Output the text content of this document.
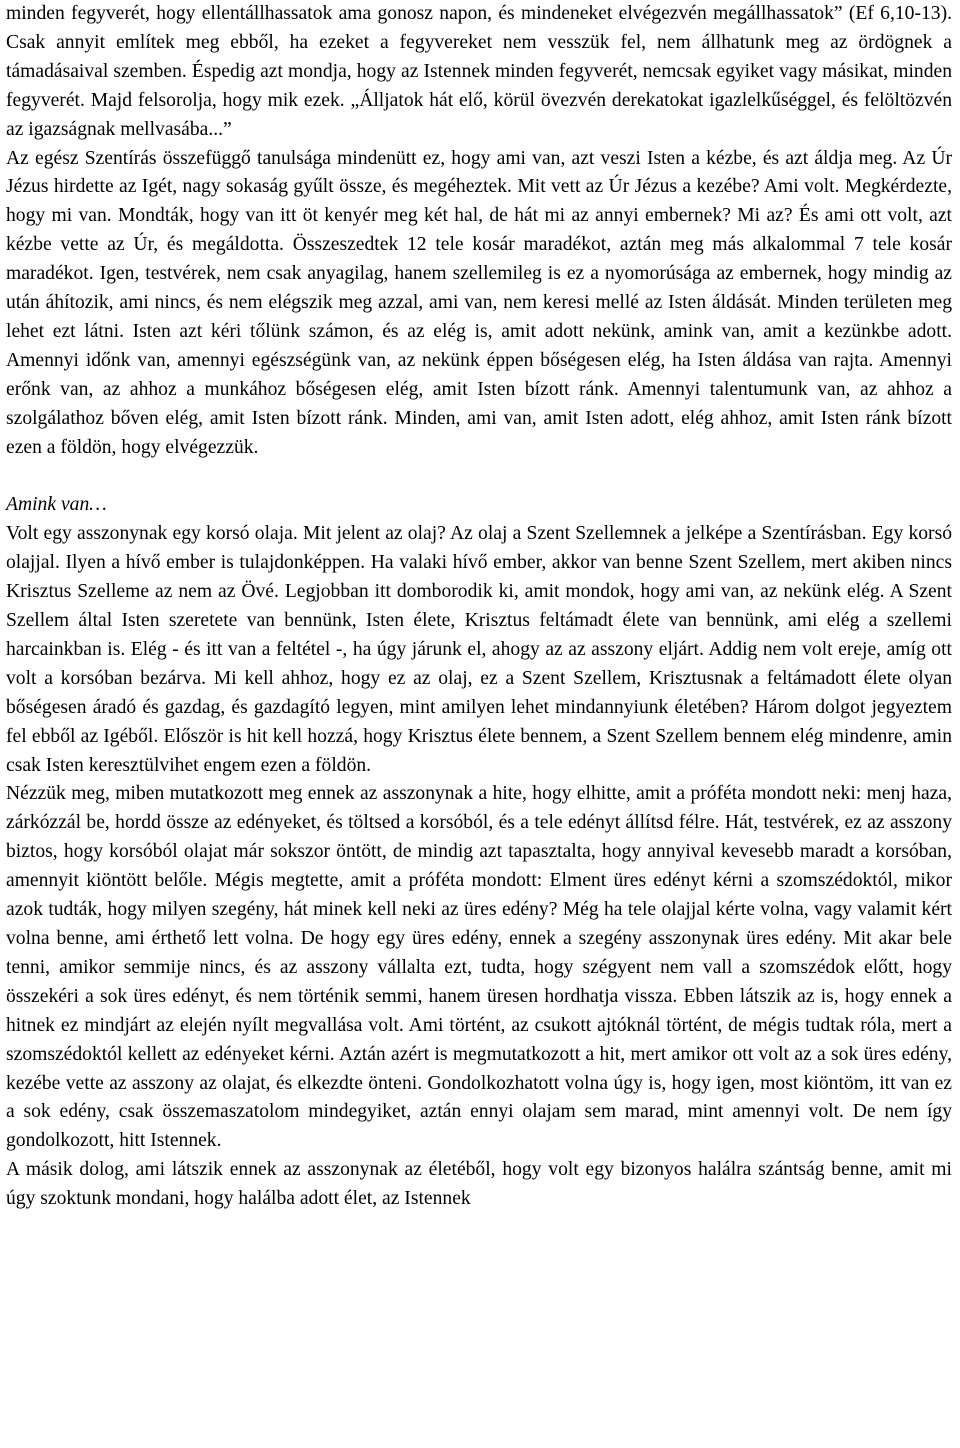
minden fegyverét, hogy ellentállhassatok ama gonosz napon, és mindeneket elvégezvén megállhassatok” (Ef 6,10-13). Csak annyit említek meg ebből, ha ezeket a fegyvereket nem vesszük fel, nem állhatunk meg az ördögnek a támadásaival szemben. Éspedig azt mondja, hogy az Istennek minden fegyverét, nemcsak egyiket vagy másikat, minden fegyverét. Majd felsorolja, hogy mik ezek. „Álljatok hát elő, körül övezvén derekatokat igazlelkűséggel, és felöltözvén az igazságnak mellvasába...”

Az egész Szentírás összefüggő tanulsága mindenütt ez, hogy ami van, azt veszi Isten a kézbe, és azt áldja meg. Az Úr Jézus hirdette az Igét, nagy sokaság gyűlt össze, és megéheztek. Mit vett az Úr Jézus a kezébe? Ami volt. Megkérdezte, hogy mi van. Mondták, hogy van itt öt kenyér meg két hal, de hát mi az annyi embernek? Mi az? És ami ott volt, azt kézbe vette az Úr, és megáldotta. Összeszedtek 12 tele kosár maradékot, aztán meg más alkalommal 7 tele kosár maradékot. Igen, testvérek, nem csak anyagilag, hanem szellemileg is ez a nyomorúsága az embernek, hogy mindig az után áhítozik, ami nincs, és nem elégszik meg azzal, ami van, nem keresi mellé az Isten áldását. Minden területen meg lehet ezt látni. Isten azt kéri tőlünk számon, és az elég is, amit adott nekünk, amink van, amit a kezünkbe adott. Amennyi időnk van, amennyi egészségünk van, az nekünk éppen bőségesen elég, ha Isten áldása van rajta. Amennyi erőnk van, az ahhoz a munkához bőségesen elég, amit Isten bízott ránk. Amennyi talentumunk van, az ahhoz a szolgálathoz bőven elég, amit Isten bízott ránk. Minden, ami van, amit Isten adott, elég ahhoz, amit Isten ránk bízott ezen a földön, hogy elvégezzük.

Amink van…

Volt egy asszonynak egy korsó olaja. Mit jelent az olaj? Az olaj a Szent Szellemnek a jelképe a Szentírásban. Egy korsó olajjal. Ilyen a hívő ember is tulajdonképpen. Ha valaki hívő ember, akkor van benne Szent Szellem, mert akiben nincs Krisztus Szelleme az nem az Övé. Legjobban itt domborodik ki, amit mondok, hogy ami van, az nekünk elég. A Szent Szellem által Isten szeretete van bennünk, Isten élete, Krisztus feltámadt élete van bennünk, ami elég a szellemi harcainkban is. Elég - és itt van a feltétel -, ha úgy járunk el, ahogy az az asszony eljárt. Addig nem volt ereje, amíg ott volt a korsóban bezárva. Mi kell ahhoz, hogy ez az olaj, ez a Szent Szellem, Krisztusnak a feltámadott élete olyan bőségesen áradó és gazdag, és gazdagító legyen, mint amilyen lehet mindannyiunk életében? Három dolgot jegyeztem fel ebből az Igéből. Először is hit kell hozzá, hogy Krisztus élete bennem, a Szent Szellem bennem elég mindenre, amin csak Isten keresztülvihet engem ezen a földön.

Nézzük meg, miben mutatkozott meg ennek az asszonynak a hite, hogy elhitte, amit a próféta mondott neki: menj haza, zárkózzál be, hordd össze az edényeket, és töltsed a korsóból, és a tele edényt állítsd félre. Hát, testvérek, ez az asszony biztos, hogy korsóból olajat már sokszor öntött, de mindig azt tapasztalta, hogy annyival kevesebb maradt a korsóban, amennyit kiöntött belőle. Mégis megtette, amit a próféta mondott: Elment üres edényt kérni a szomszédoktól, mikor azok tudták, hogy milyen szegény, hát minek kell neki az üres edény? Még ha tele olajjal kérte volna, vagy valamit kért volna benne, ami érthető lett volna. De hogy egy üres edény, ennek a szegény asszonynak üres edény. Mit akar bele tenni, amikor semmije nincs, és az asszony vállalta ezt, tudta, hogy szégyent nem vall a szomszédok előtt, hogy összekéri a sok üres edényt, és nem történik semmi, hanem üresen hordhatja vissza. Ebben látszik az is, hogy ennek a hitnek ez mindjárt az elején nyílt megvallása volt. Ami történt, az csukott ajtóknál történt, de mégis tudtak róla, mert a szomszédoktól kellett az edényeket kérni. Aztán azért is megmutatkozott a hit, mert amikor ott volt az a sok üres edény, kezébe vette az asszony az olajat, és elkezdte önteni. Gondolkozhatott volna úgy is, hogy igen, most kiöntöm, itt van ez a sok edény, csak összemaszatolom mindegyiket, aztán ennyi olajam sem marad, mint amennyi volt. De nem így gondolkozott, hitt Istennek.

A másik dolog, ami látszik ennek az asszonynak az életéből, hogy volt egy bizonyos halálra szántság benne, amit mi úgy szoktunk mondani, hogy halálba adott élet, az Istennek
